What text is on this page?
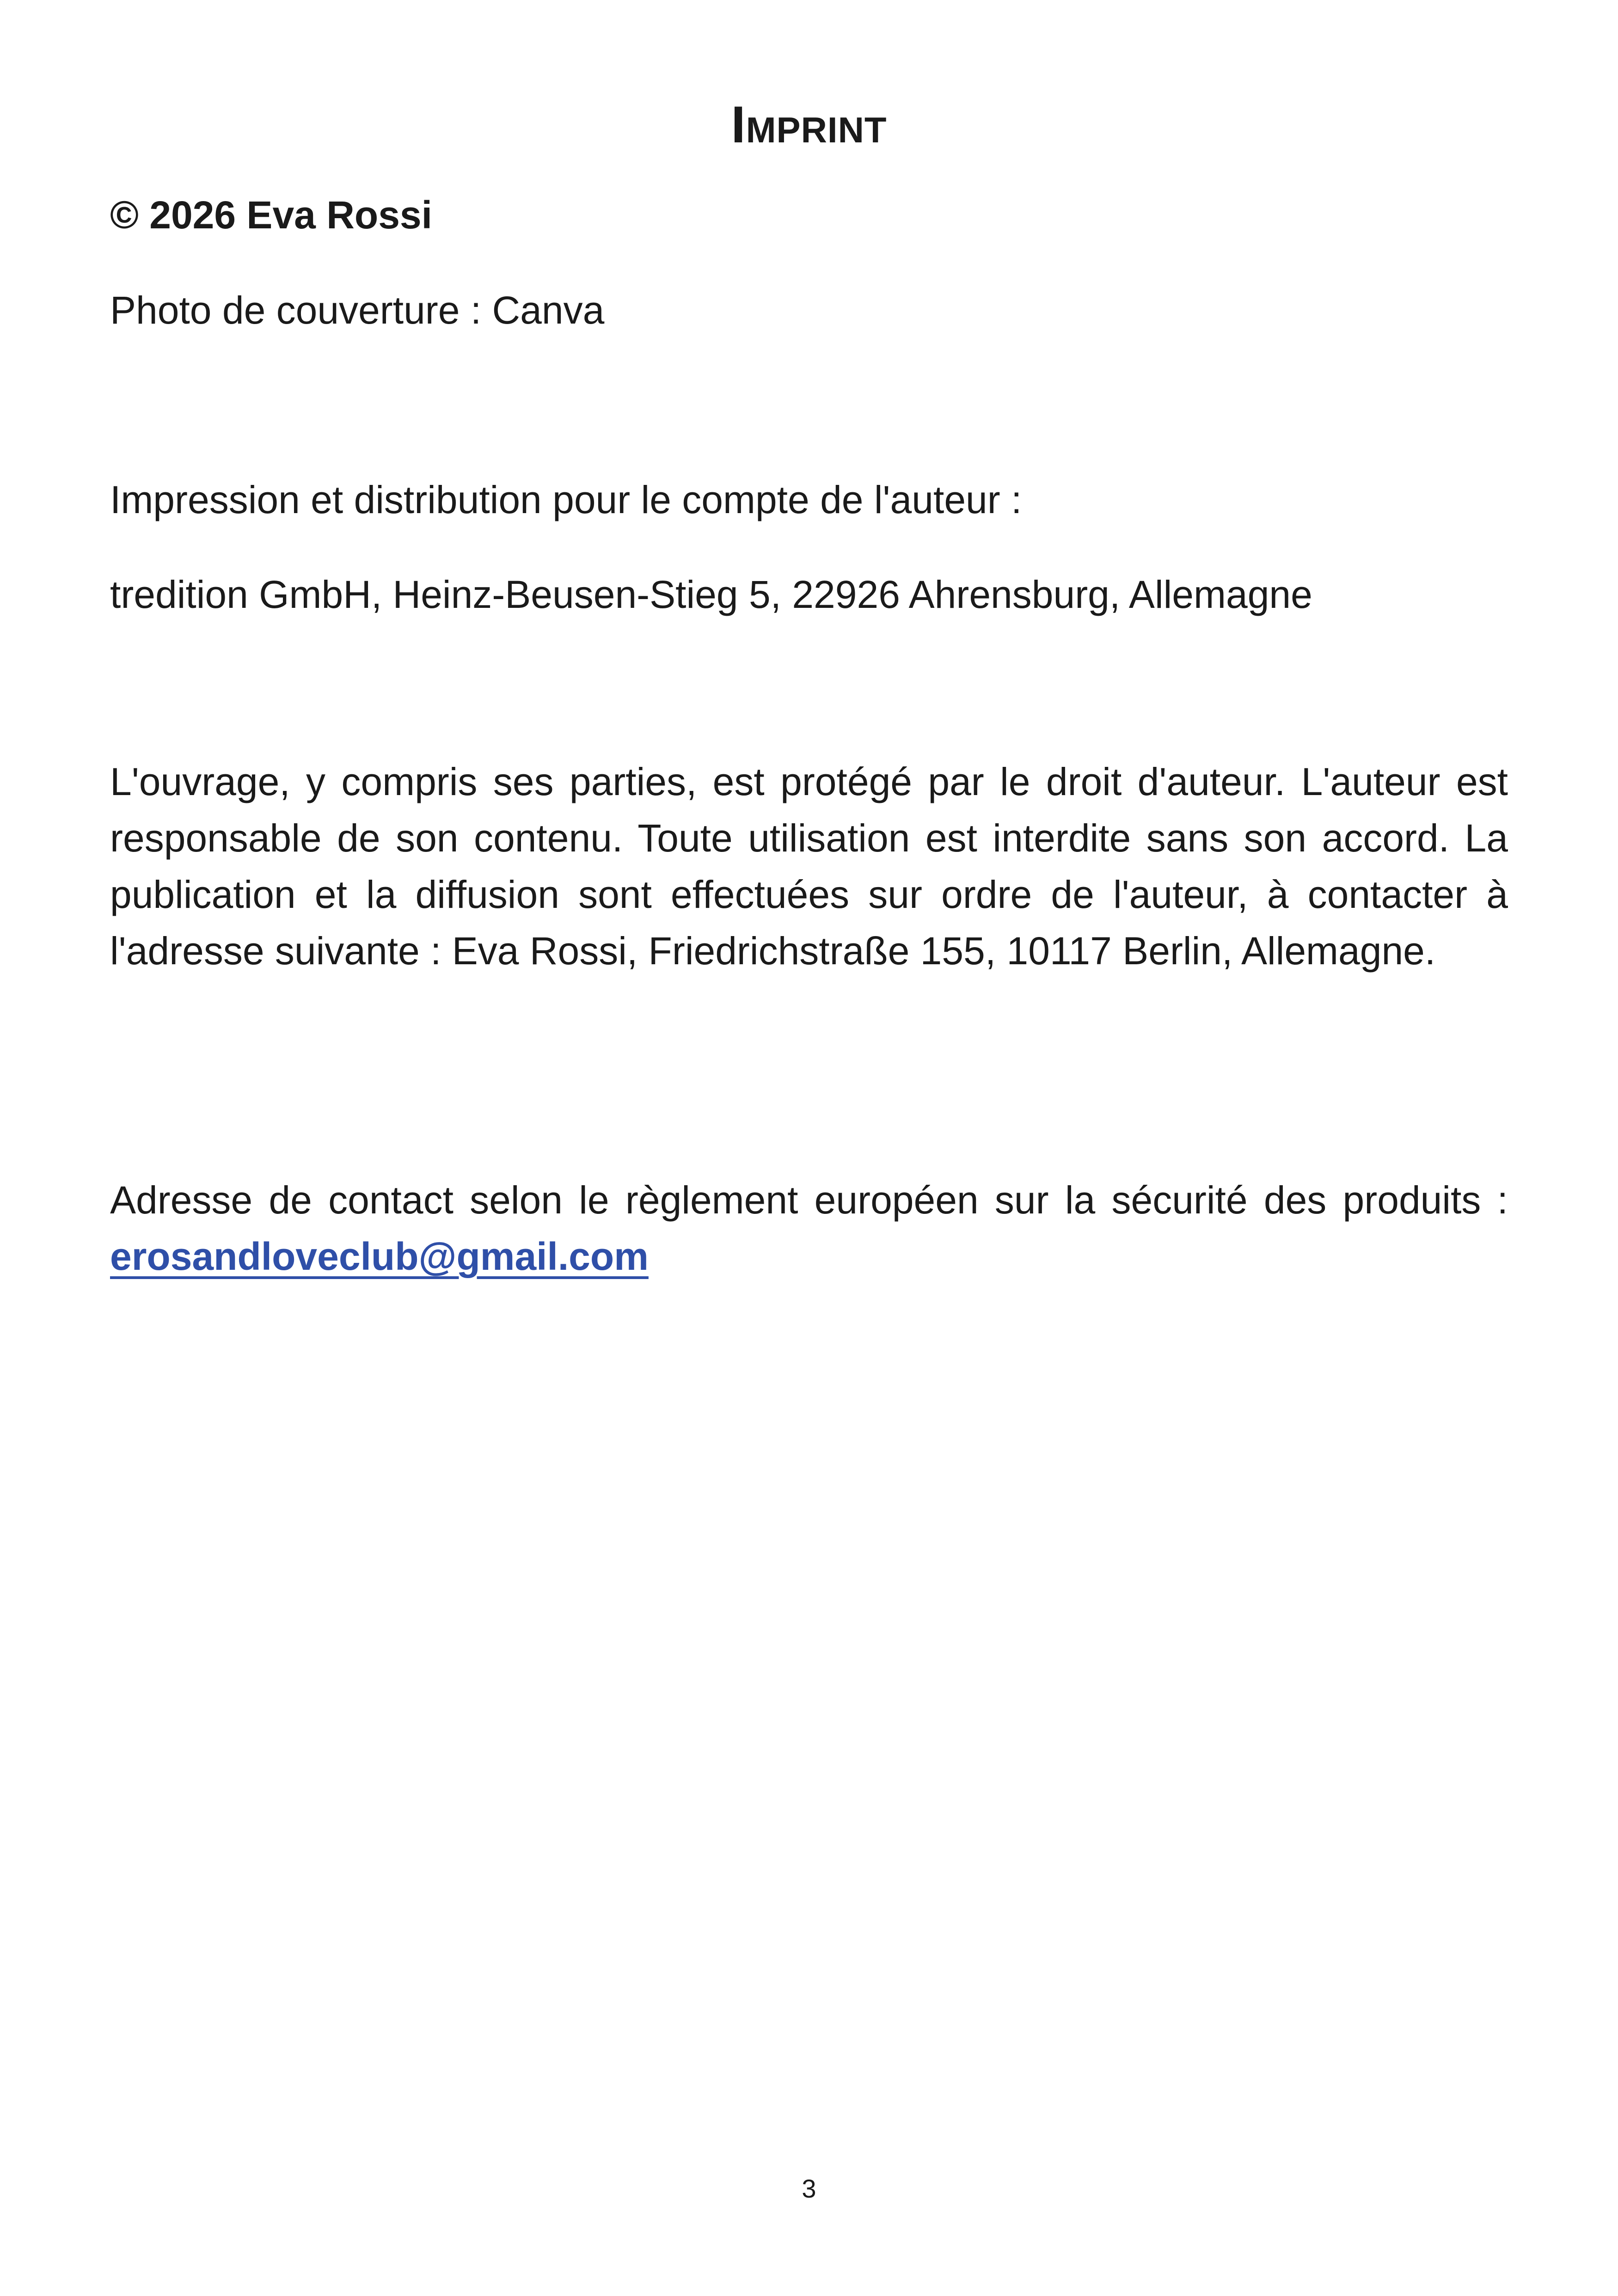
Imprint
© 2026 Eva Rossi
Photo de couverture : Canva
Impression et distribution pour le compte de l'auteur :
tredition GmbH, Heinz-Beusen-Stieg 5, 22926 Ahrensburg, Allemagne
L'ouvrage, y compris ses parties, est protégé par le droit d'auteur. L'auteur est responsable de son contenu. Toute utilisation est interdite sans son accord. La publication et la diffusion sont effectuées sur ordre de l'auteur, à contacter à l'adresse suivante : Eva Rossi, Friedrichstraße 155, 10117 Berlin, Allemagne.
Adresse de contact selon le règlement européen sur la sécurité des produits : erosandloveclub@gmail.com
3
